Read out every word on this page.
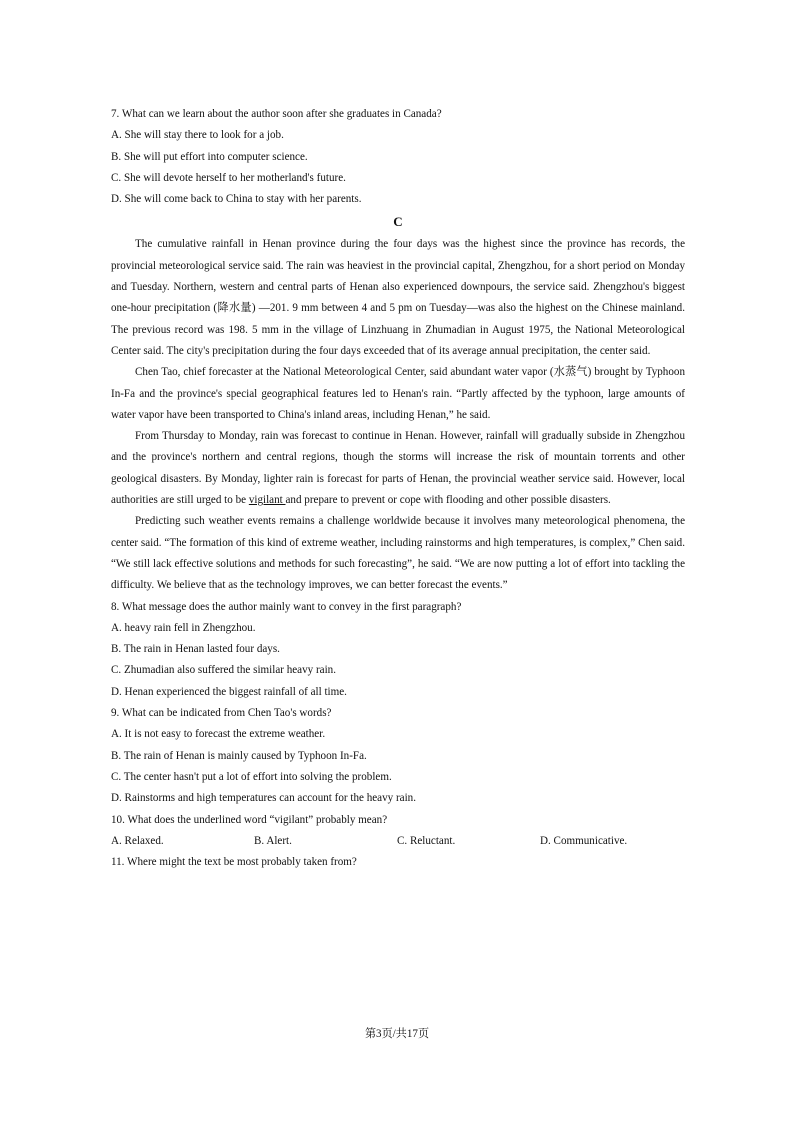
7. What can we learn about the author soon after she graduates in Canada?
A. She will stay there to look for a job.
B. She will put effort into computer science.
C. She will devote herself to her motherland's future.
D. She will come back to China to stay with her parents.
C

The cumulative rainfall in Henan province during the four days was the highest since the province has records, the provincial meteorological service said. The rain was heaviest in the provincial capital, Zhengzhou, for a short period on Monday and Tuesday. Northern, western and central parts of Henan also experienced downpours, the service said. Zhengzhou's biggest one-hour precipitation (降水量) —201. 9 mm between 4 and 5 pm on Tuesday—was also the highest on the Chinese mainland. The previous record was 198. 5 mm in the village of Linzhuang in Zhumadian in August 1975, the National Meteorological Center said. The city's precipitation during the four days exceeded that of its average annual precipitation, the center said.

Chen Tao, chief forecaster at the National Meteorological Center, said abundant water vapor (水蒸气) brought by Typhoon In-Fa and the province's special geographical features led to Henan's rain. “Partly affected by the typhoon, large amounts of water vapor have been transported to China's inland areas, including Henan,” he said.

From Thursday to Monday, rain was forecast to continue in Henan. However, rainfall will gradually subside in Zhengzhou and the province's northern and central regions, though the storms will increase the risk of mountain torrents and other geological disasters. By Monday, lighter rain is forecast for parts of Henan, the provincial weather service said. However, local authorities are still urged to be vigilant and prepare to prevent or cope with flooding and other possible disasters.

Predicting such weather events remains a challenge worldwide because it involves many meteorological phenomena, the center said. “The formation of this kind of extreme weather, including rainstorms and high temperatures, is complex,” Chen said. “We still lack effective solutions and methods for such forecasting”, he said. “We are now putting a lot of effort into tackling the difficulty. We believe that as the technology improves, we can better forecast the events.”

8. What message does the author mainly want to convey in the first paragraph?
A. heavy rain fell in Zhengzhou.
B. The rain in Henan lasted four days.
C. Zhumadian also suffered the similar heavy rain.
D. Henan experienced the biggest rainfall of all time.
9. What can be indicated from Chen Tao's words?
A. It is not easy to forecast the extreme weather.
B. The rain of Henan is mainly caused by Typhoon In-Fa.
C. The center hasn't put a lot of effort into solving the problem.
D. Rainstorms and high temperatures can account for the heavy rain.
10. What does the underlined word “vigilant” probably mean?
A. Relaxed.	B. Alert.	C. Reluctant.	D. Communicative.
11. Where might the text be most probably taken from?
第3页/共17页
